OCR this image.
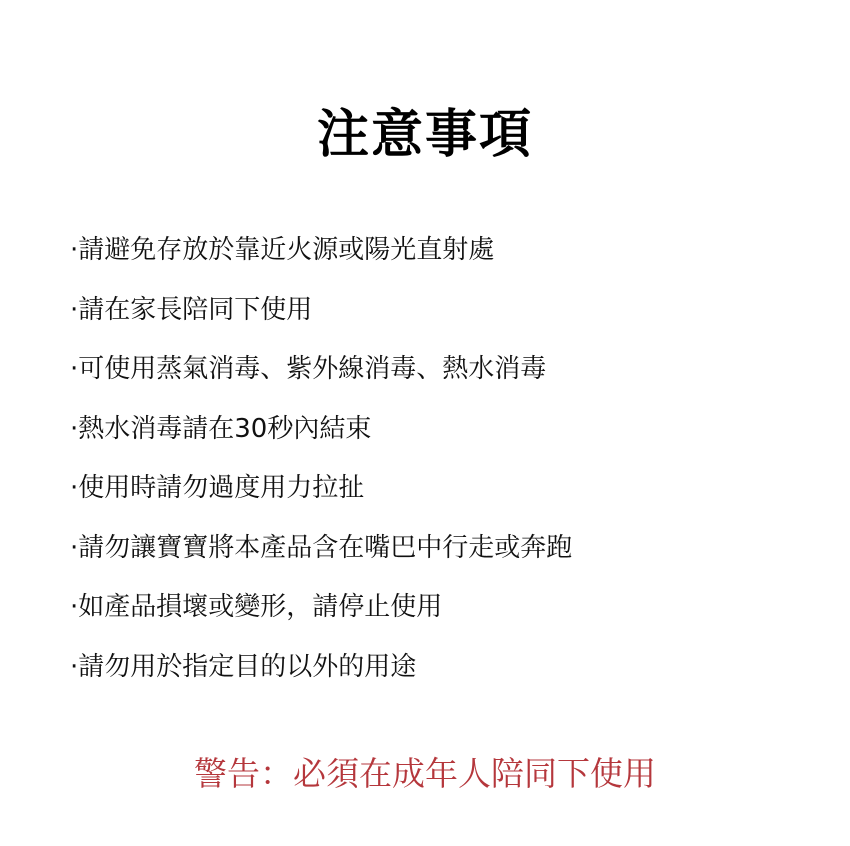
注意事項
·請避免存放於靠近火源或陽光直射處
·請在家長陪同下使用
·可使用蒸氣消毒、紫外線消毒、熱水消毒
·熱水消毒請在30秒內結束
·使用時請勿過度用力拉扯
·請勿讓寶寶將本產品含在嘴巴中行走或奔跑
·如產品損壞或變形，請停止使用
·請勿用於指定目的以外的用途
警告：必須在成年人陪同下使用
